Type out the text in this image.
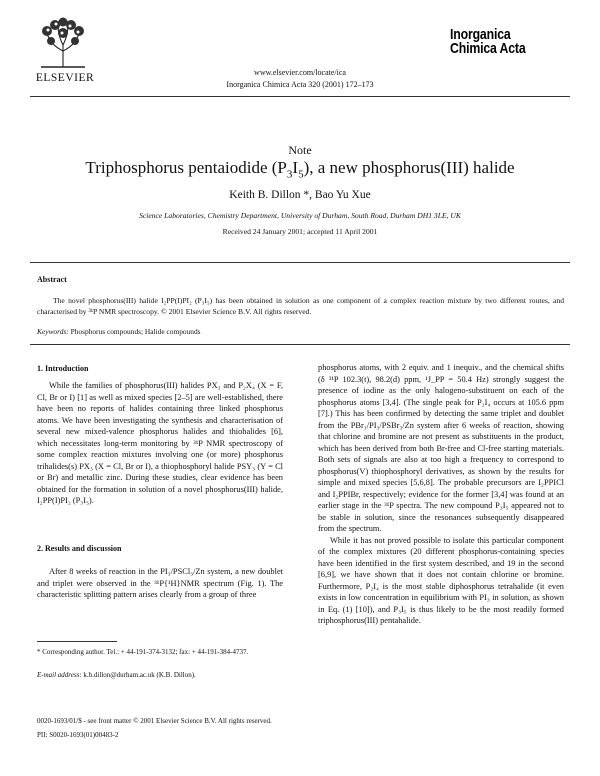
ELSEVIER
Inorganica
Chimica Acta
www.elsevier.com/locate/ica
Inorganica Chimica Acta 320 (2001) 172–173
Note
Triphosphorus pentaiodide $(P_3I_5)$, a new phosphorus(III) halide
Keith B. Dillon *, Bao Yu Xue
Science Laboratories, Chemistry Department, University of Durham, South Road, Durham DH1 3LE, UK
Received 24 January 2001; accepted 11 April 2001
Abstract
The novel phosphorus(III) halide I₂PP(I)PI₂ (P₃I₅) has been obtained in solution as one component of a complex reaction mixture by two different routes, and characterised by ³¹P NMR spectroscopy. © 2001 Elsevier Science B.V. All rights reserved.
Keywords: Phosphorus compounds; Halide compounds
1. Introduction

While the families of phosphorus(III) halides PX₃ and P₂X₄ (X = F, Cl, Br or I) [1] as well as mixed species [2–5] are well-established, there have been no reports of halides containing three linked phosphorus atoms. We have been investigating the synthesis and characterisation of several new mixed-valence phosphorus halides and thiohalides [6], which necessitates long-term monitoring by ³¹P NMR spectroscopy of some complex reaction mixtures involving one (or more) phosphorus trihalides(s) PX₃ (X = Cl, Br or I), a thiophosphoryl halide PSY₃ (Y = Cl or Br) and metallic zinc. During these studies, clear evidence has been obtained for the formation in solution of a novel phosphorus(III) halide, I₂PP(I)PI₂ (P₃I₅).

2. Results and discussion

After 8 weeks of reaction in the PI₃/PSCl₃/Zn system, a new doublet and triplet were observed in the ³¹P{¹H}NMR spectrum (Fig. 1). The characteristic splitting pattern arises clearly from a group of three

phosphorus atoms, with 2 equiv. and 1 inequiv., and the chemical shifts (δ ³¹P 102.3(t), 98.2(d) ppm, ¹J_PP = 50.4 Hz) strongly suggest the presence of iodine as the only halogeno-substituent on each of the phosphorus atoms [3,4]. (The single peak for P₂I₄ occurs at 105.6 ppm [7].) This has been confirmed by detecting the same triplet and doublet from the PBr₃/PI₃/PSBr₃/Zn system after 6 weeks of reaction, showing that chlorine and bromine are not present as substituents in the product, which has been derived from both Br-free and Cl-free starting materials. Both sets of signals are also at too high a frequency to correspond to phosphorus(V) thiophosphoryl derivatives, as shown by the results for simple and mixed species [5,6,8]. The probable precursors are I₂PPICl and I₂PPIBr, respectively; evidence for the former [3,4] was found at an earlier stage in the ³¹P spectra. The new compound P₃I₅ appeared not to be stable in solution, since the resonances subsequently disappeared from the spectrum.

While it has not proved possible to isolate this particular component of the complex mixtures (20 different phosphorus-containing species have been identified in the first system described, and 19 in the second [6,9], we have shown that it does not contain chlorine or bromine. Furthermore, P₂I₄ is the most stable diphosphorus tetrahalide (it even exists in low concentration in equilibrium with PI₃ in solution, as shown in Eq. (1) [10]), and P₃I₅ is thus likely to be the most readily formed triphosphorus(III) pentahalide.

* Corresponding author. Tel.: + 44-191-374-3132; fax: + 44-191-384-4737.
E-mail address: k.b.dillon@durham.ac.uk (K.B. Dillon).
0020-1693/01/$ - see front matter © 2001 Elsevier Science B.V. All rights reserved.
PII: S0020-1693(01)00483-2
